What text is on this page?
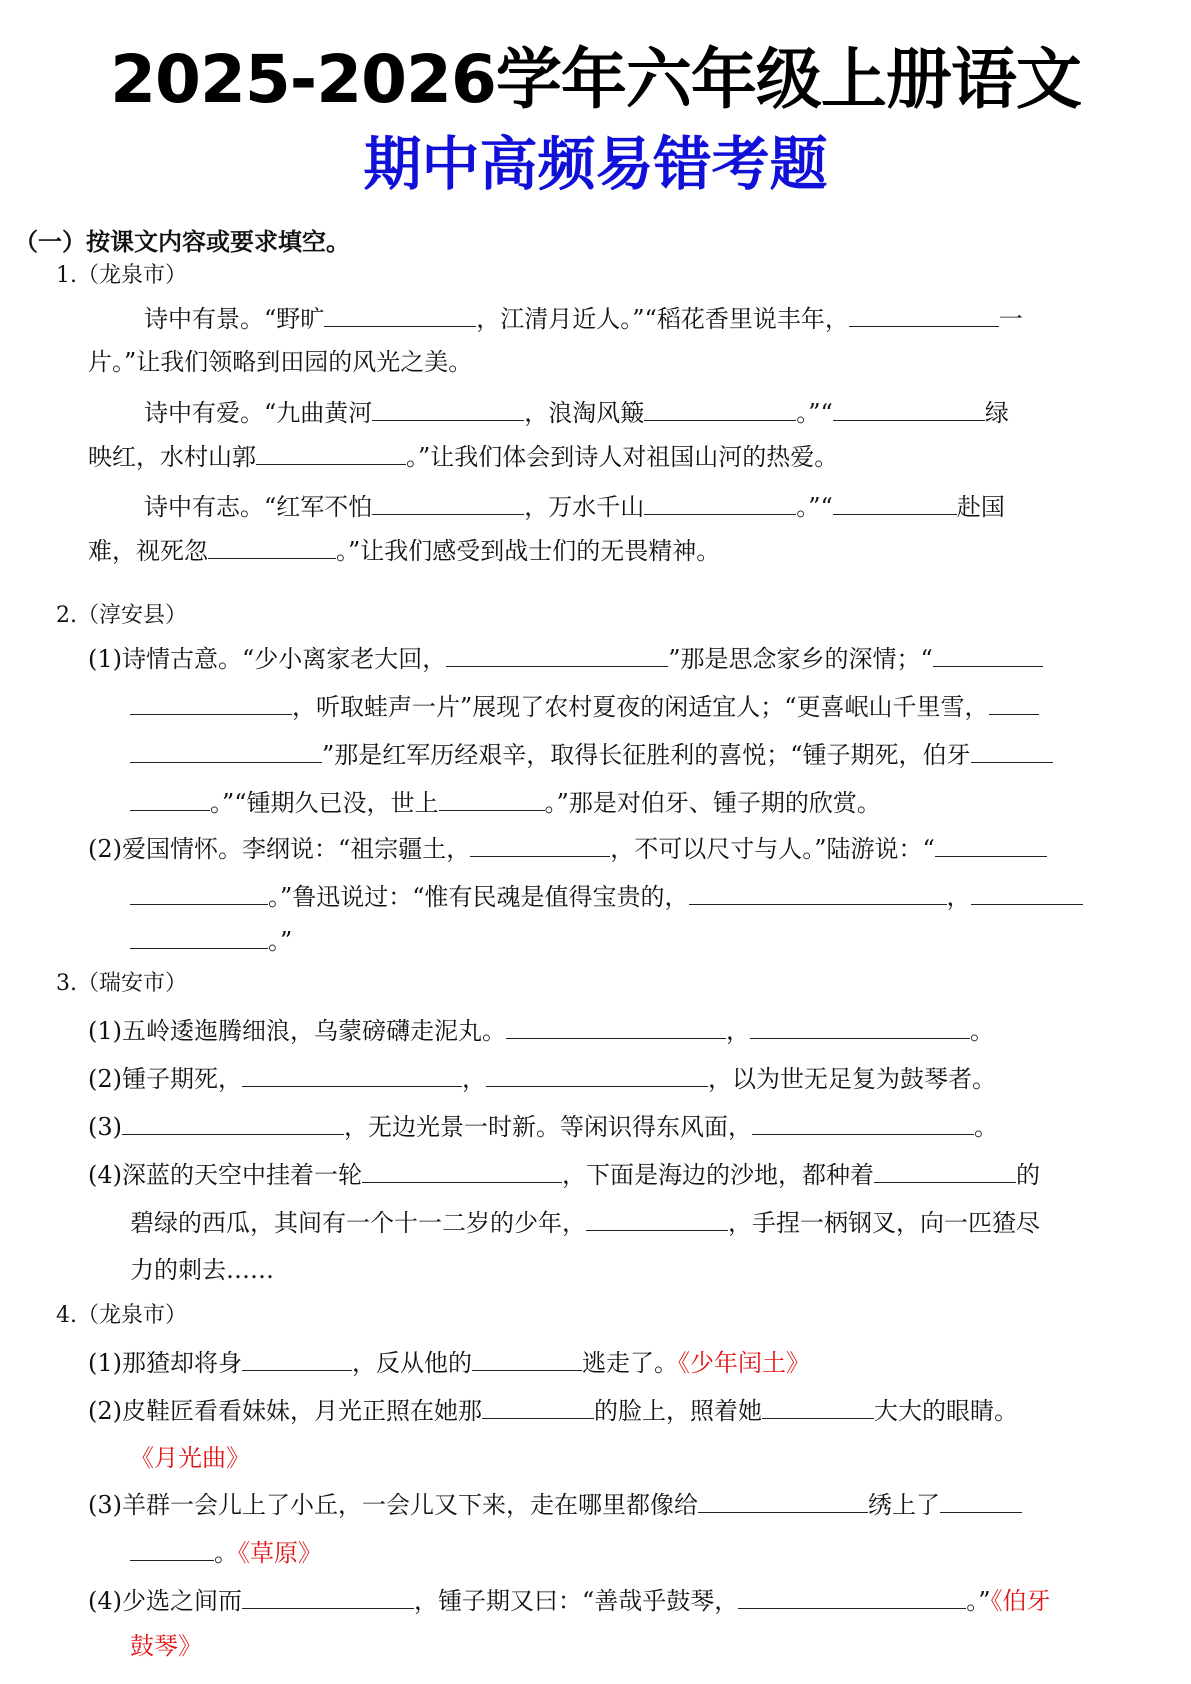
2025-2026学年六年级上册语文
期中高频易错考题
（一）按课文内容或要求填空。
1.（龙泉市）
诗中有景。“野旷	，江清月近人。”“稻花香里说丰年，	一
片。”让我们领略到田园的风光之美。
诗中有爱。“九曲黄河	，浪淘风簸	。”“	绿
映红，水村山郭	。”让我们体会到诗人对祖国山河的热爱。
诗中有志。“红军不怕	，万水千山	。”“	赴国
难，视死忽	。”让我们感受到战士们的无畏精神。
2.（淳安县）
(1)诗情古意。“少小离家老大回，	”那是思念家乡的深情；“
，听取蛙声一片”展现了农村夏夜的闲适宜人；“更喜岷山千里雪，
”那是红军历经艰辛，取得长征胜利的喜悦；“锺子期死，伯牙
。”“锺期久已没，世上	。”那是对伯牙、锺子期的欣赏。
(2)爱国情怀。李纲说：“祖宗疆土，	，不可以尺寸与人。”陆游说：“
。”鲁迅说过：“惟有民魂是值得宝贵的，	，
。”
3.（瑞安市）
(1)五岭逶迤腾细浪，乌蒙磅礴走泥丸。	，	。
(2)锺子期死，	，	，以为世无足复为鼓琴者。
(3)	，无边光景一时新。等闲识得东风面，	。
(4)深蓝的天空中挂着一轮	，下面是海边的沙地，都种着	的
碧绿的西瓜，其间有一个十一二岁的少年，	，手捏一柄钢叉，向一匹猹尽
力的刺去……
4.（龙泉市）
(1)那猹却将身	，反从他的	逃走了。《少年闰土》
(2)皮鞋匠看看妹妹，月光正照在她那	的脸上，照着她	大大的眼睛。
《月光曲》
(3)羊群一会儿上了小丘，一会儿又下来，走在哪里都像给	绣上了
。《草原》
(4)少选之间而	，锺子期又曰：“善哉乎鼓琴，	。”《伯牙
鼓琴》
